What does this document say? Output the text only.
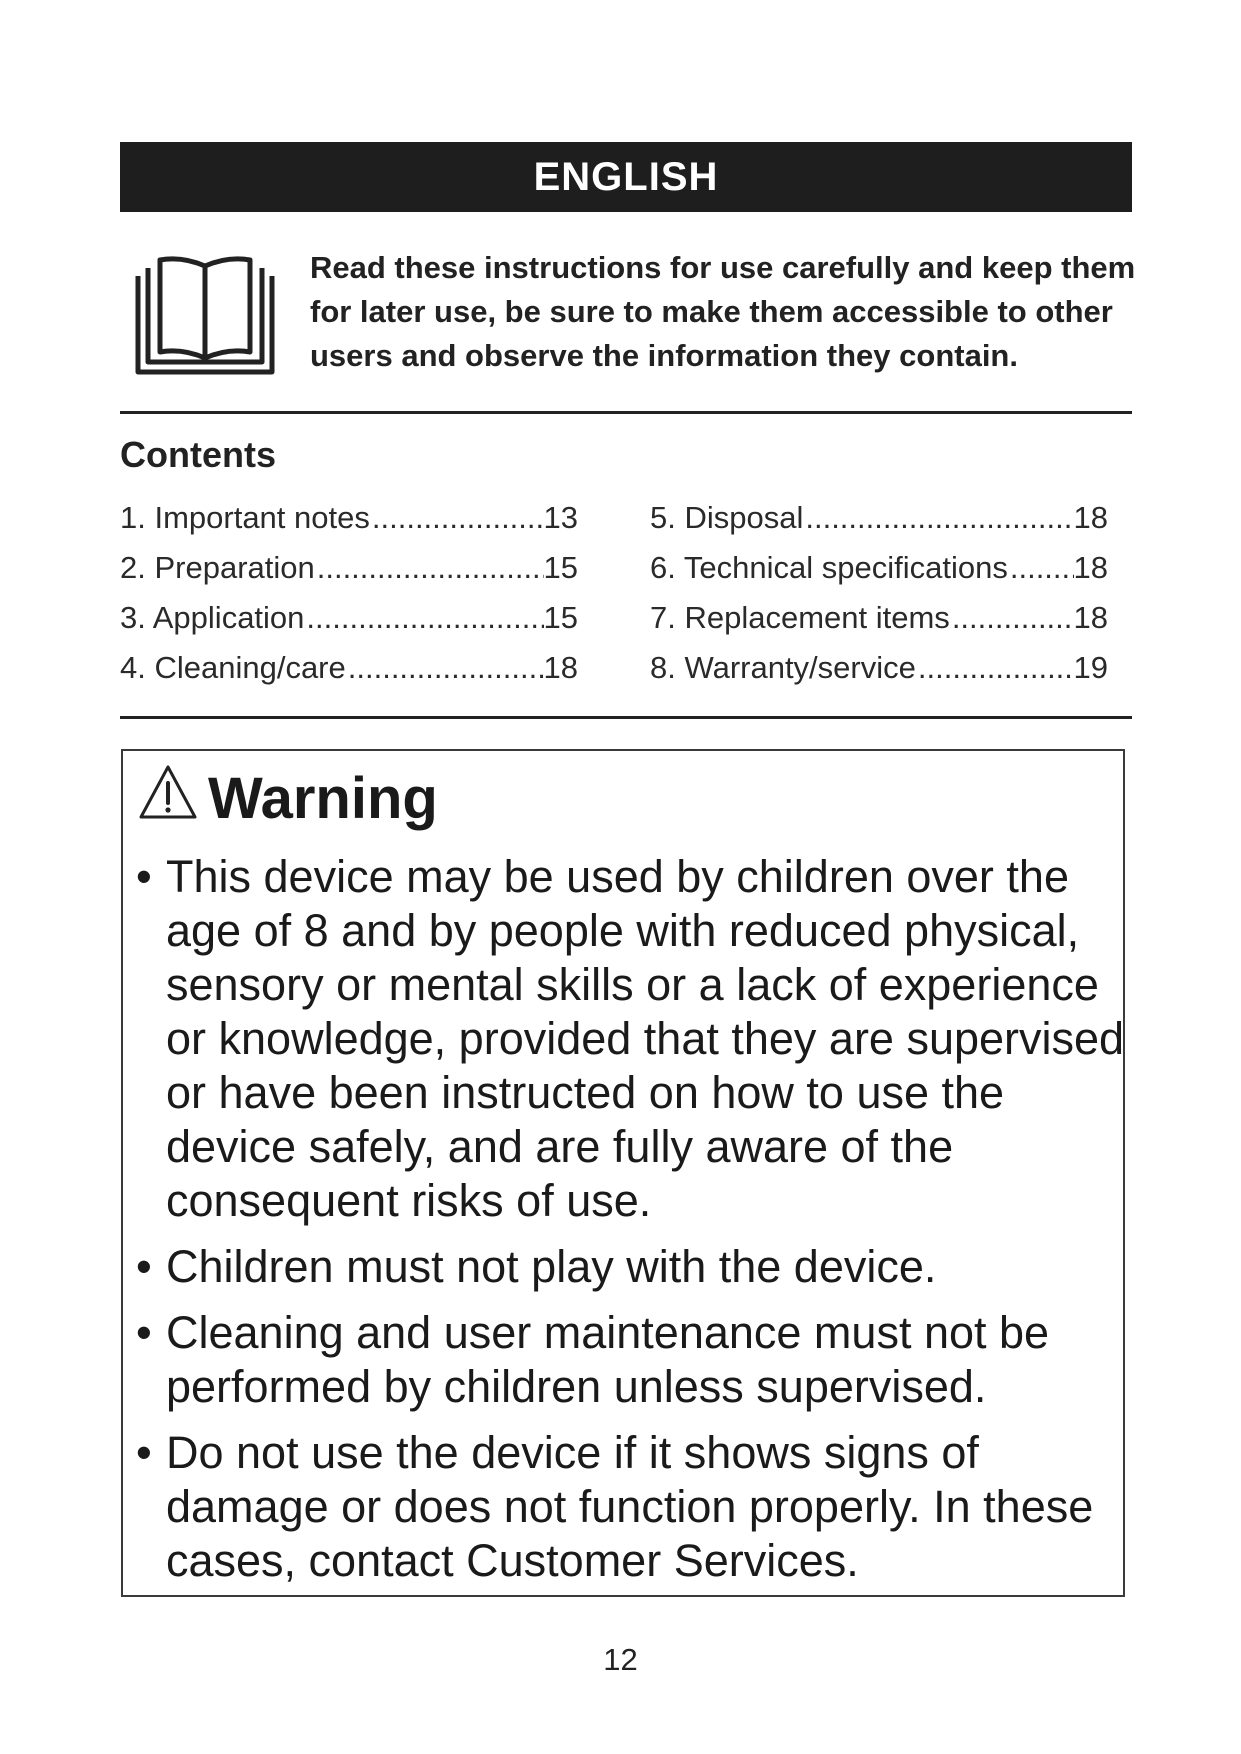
ENGLISH
Read these instructions for use carefully and keep them for later use, be sure to make them accessible to other users and observe the information they contain.
Contents
1. Important notes .....	13
2. Preparation .....	15
3. Application .....	15
4. Cleaning/care .....	18
5. Disposal .....	18
6. Technical specifications ..... 18
7. Replacement items .....	18
8. Warranty/service .....	19
Warning
• This device may be used by children over the age of 8 and by people with reduced physical, sensory or mental skills or a lack of experience or knowledge, provided that they are supervised or have been instructed on how to use the device safely, and are fully aware of the consequent risks of use.
• Children must not play with the device.
• Cleaning and user maintenance must not be performed by children unless supervised.
• Do not use the device if it shows signs of damage or does not function properly. In these cases, contact Customer Services.
12
